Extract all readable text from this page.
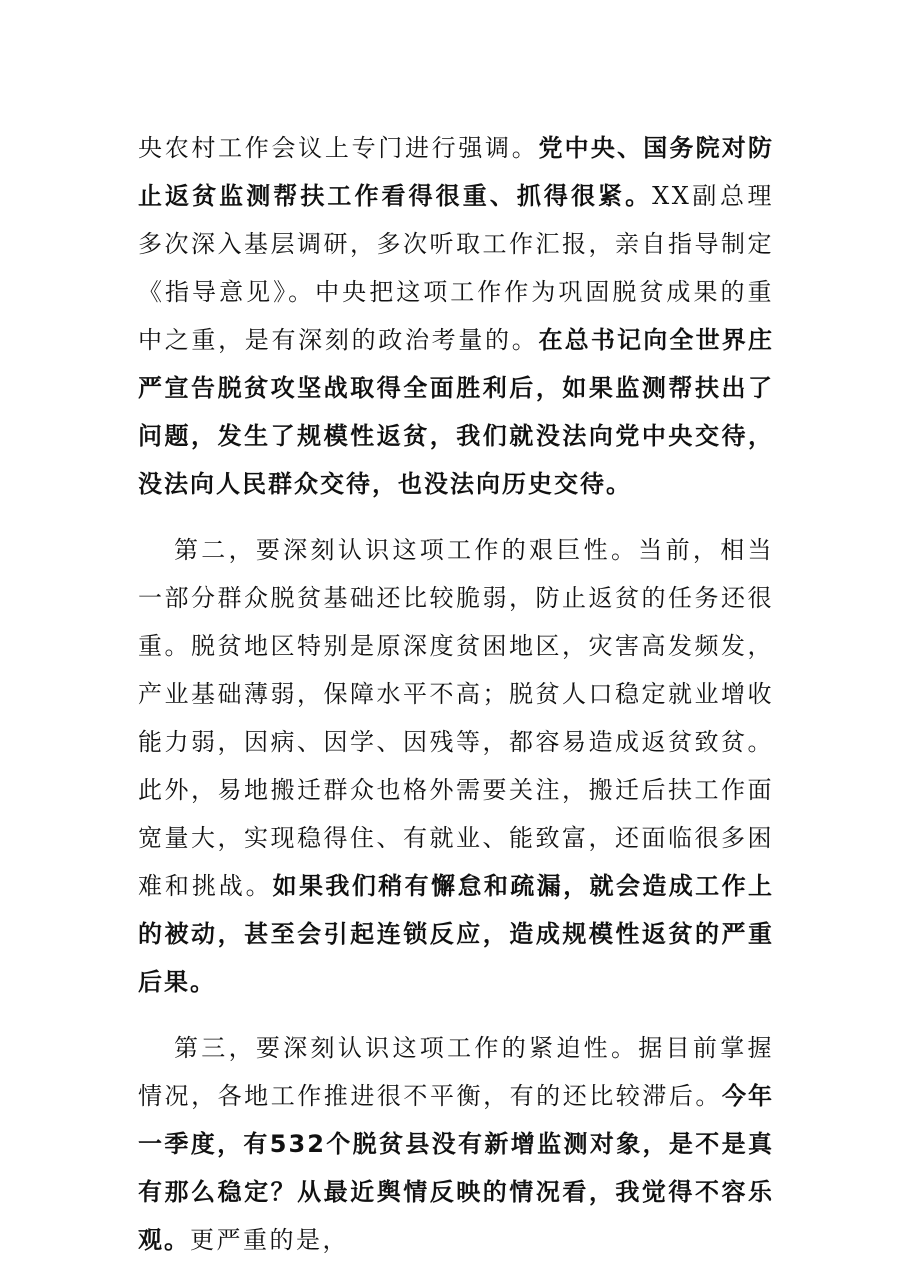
央农村工作会议上专门进行强调。党中央、国务院对防止返贫监测帮扶工作看得很重、抓得很紧。XX副总理多次深入基层调研，多次听取工作汇报，亲自指导制定《指导意见》。中央把这项工作作为巩固脱贫成果的重中之重，是有深刻的政治考量的。在总书记向全世界庄严宣告脱贫攻坚战取得全面胜利后，如果监测帮扶出了问题，发生了规模性返贫，我们就没法向党中央交待，没法向人民群众交待，也没法向历史交待。

第二，要深刻认识这项工作的艰巨性。当前，相当一部分群众脱贫基础还比较脆弱，防止返贫的任务还很重。脱贫地区特别是原深度贫困地区，灾害高发频发，产业基础薄弱，保障水平不高；脱贫人口稳定就业增收能力弱，因病、因学、因残等，都容易造成返贫致贫。此外，易地搬迁群众也格外需要关注，搬迁后扶工作面宽量大，实现稳得住、有就业、能致富，还面临很多困难和挑战。如果我们稍有懈怠和疏漏，就会造成工作上的被动，甚至会引起连锁反应，造成规模性返贫的严重后果。

第三，要深刻认识这项工作的紧迫性。据目前掌握情况，各地工作推进很不平衡，有的还比较滞后。今年一季度，有532个脱贫县没有新增监测对象，是不是真有那么稳定？从最近舆情反映的情况看，我觉得不容乐观。更严重的是，
